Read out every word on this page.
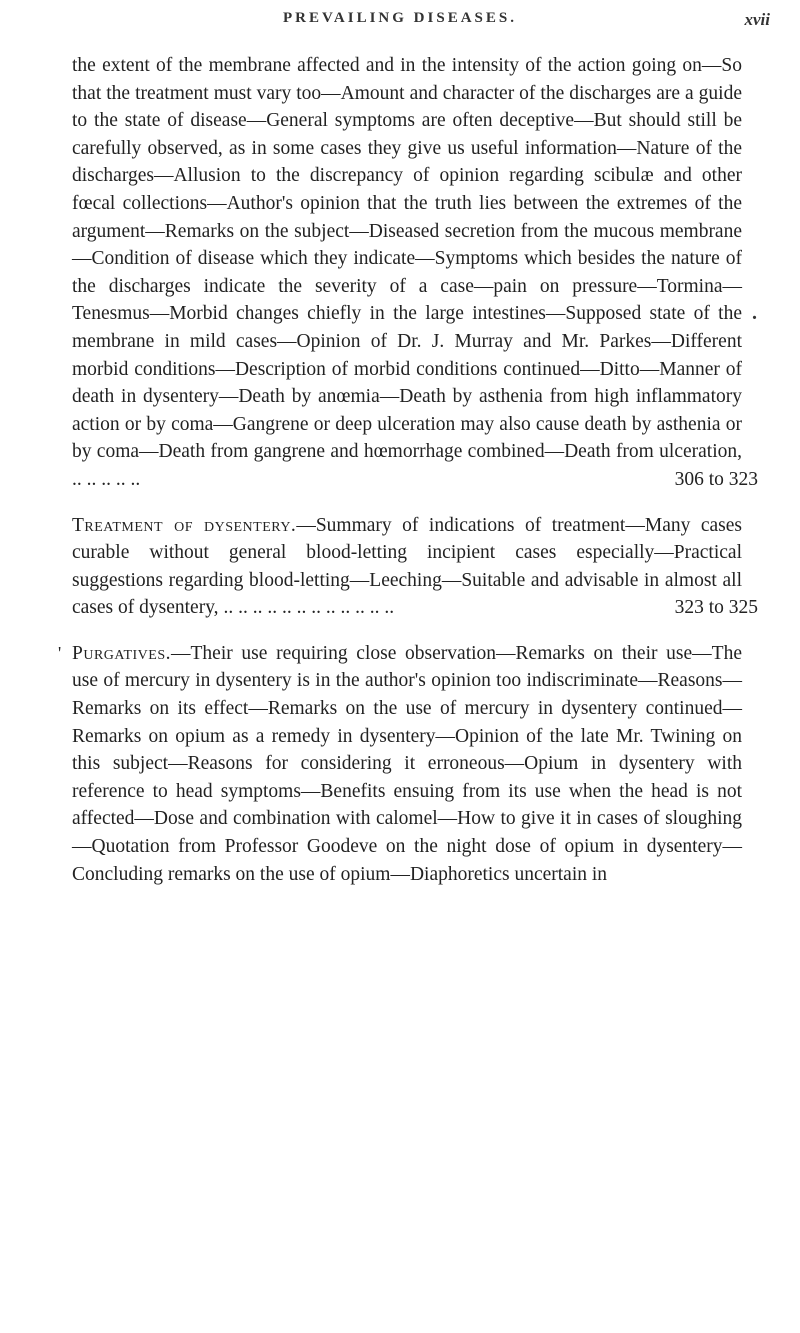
PREVAILING DISEASES.	xvii
.

the extent of the membrane affected and in the intensity of the action going on—So that the treatment must vary too—Amount and character of the discharges are a guide to the state of disease—General symptoms are often deceptive—But should still be carefully observed, as in some cases they give us useful information—Nature of the discharges—Allusion to the discrepancy of opinion regarding scibulæ and other fœcal collections—Author's opinion that the truth lies between the extremes of the argument—Remarks on the subject—Diseased secretion from the mucous membrane—Condition of disease which they indicate—Symptoms which besides the nature of the discharges indicate the severity of a case—pain on pressure—Tormina—Tenesmus—Morbid changes chiefly in the large intestines—Supposed state of the membrane in mild cases—Opinion of Dr. J. Murray and Mr. Parkes—Different morbid conditions—Description of morbid conditions continued—Ditto—Manner of death in dysentery—Death by anœmia—Death by asthenia from high inflammatory action or by coma—Gangrene or deep ulceration may also cause death by asthenia or by coma—Death from gangrene and hœmorrhage combined—Death from ulceration, .. .. .. .. ..	306 to 323

Treatment of dysentery.—Summary of indications of treatment—Many cases curable without general blood-letting incipient cases especially—Practical suggestions regarding blood-letting—Leeching—Suitable and advisable in almost all cases of dysentery, .. .. .. .. .. .. .. .. .. .. .. ..	323 to 325

' Purgatives.—Their use requiring close observation—Remarks on their use—The use of mercury in dysentery is in the author's opinion too indiscriminate—Reasons—Remarks on its effect—Remarks on the use of mercury in dysentery continued—Remarks on opium as a remedy in dysentery—Opinion of the late Mr. Twining on this subject—Reasons for considering it erroneous—Opium in dysentery with reference to head symptoms—Benefits ensuing from its use when the head is not affected—Dose and combination with calomel—How to give it in cases of sloughing—Quotation from Professor Goodeve on the night dose of opium in dysentery—Concluding remarks on the use of opium—Diaphoretics uncertain in
